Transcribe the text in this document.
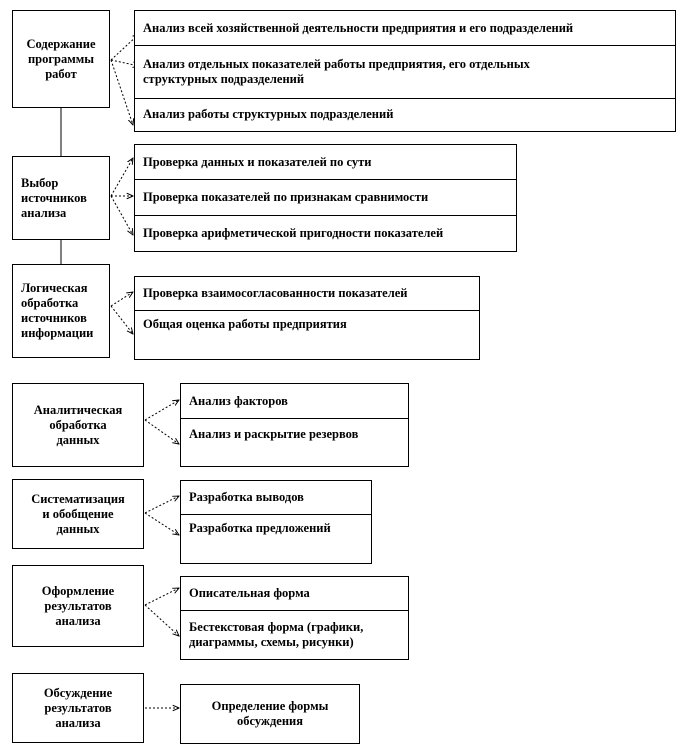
Содержание
программы
работ
Анализ всей хозяйственной деятельности предприятия и его подразделений
Анализ отдельных показателей работы предприятия, его отдельных
структурных подразделений
Анализ работы структурных подразделений
Выбор
источников
анализа
Проверка данных и показателей по сути
Проверка показателей по признакам сравнимости
Проверка арифметической пригодности показателей
Логическая
обработка
источников
информации
Проверка взаимосогласованности показателей
Общая оценка работы предприятия
Аналитическая
обработка
данных
Анализ факторов
Анализ и раскрытие резервов
Систематизация
и обобщение
данных
Разработка выводов
Разработка предложений
Оформление
результатов
анализа
Описательная форма
Бестекстовая форма (графики,
диаграммы, схемы, рисунки)
Обсуждение
результатов
анализа
Определение формы
обсуждения
